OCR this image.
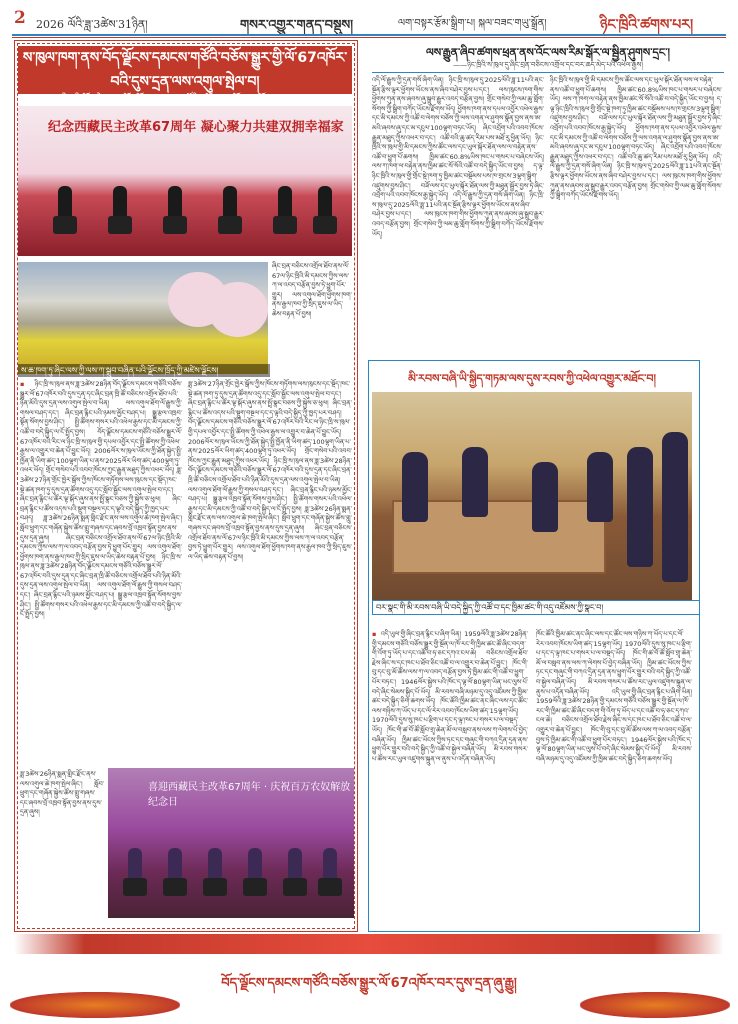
2 2026 ལོའི་ཟླ་3ཚེས་31ཉིན།	གསར་འགྱུར་གནད་བསྡུས།	ལག་བསྟར་རྩོམ་སྒྲིག་པ། སྐལ་བཟང་གཡུ་སྒྲོན།	ཉིང་ཁྲིའི་ཚགས་པར།
ས་ཁུལ་ཁག་ནས་བོད་ལྗོངས་དམངས་གཙོའི་བཅོས་སྒྱུར་གྱི་ལོ་67འཁོར་བའི་དུས་དྲན་ལས་འགུལ་སྤེལ་བ།
——ཉིང་ཁྲི་གྲོང་ཁྱེར་ནས་བོད་ལྗོངས་དམངས་གཙོའི་བཅོས་སྒྱུར་ལོ་67འཁོར་བར་དུས་དྲན་ཞུས།
纪念西藏民主改革67周年 凝心聚力共建双拥幸福家
ས་ཆ་ཁག་ཏུ་ཞིང་ལས་ཀྱི་ལས་ཀ་སྒྲུབ་བཞིན་པའི་ལྗོངས་ཁྲོད་ཀྱི་མཛེས་ལྗོངས།
ཞིང་བྲན་བཅིངས་འགྲོལ་ཐོབ་ནས་ལོ་67ལ་ཉིང་ཁྲིའི་མི་དམངས་ཀྱིས་ལས་ཀ་ལ་འབད་བརྩོན་བྱས་ཏེ་ཕྱུག་པོར་གྱུར། ལས་འགུལ་ཐོག་ཕྱོགས་ཁག་ནས་རྒྱལ་ཁབ་ཀྱི་སྲིད་ཇུས་ལ་ཡིད་ཆེས་བརྟན་པོ་བྱས།
▪ ཉིང་ཁྲི་ས་ཁུལ་ནས་ཟླ་3ཚེས་28ཉིན་བོད་ལྗོངས་དམངས་གཙོའི་བཅོས་སྒྱུར་ལོ་67འཁོར་བའི་དུས་དྲན་དང་ཞིང་བྲན་ཁྲི་ཚོ་བཅིངས་འགྲོལ་ཐོབ་པའི་ཉིན་མོའི་དུས་དྲན་ལས་འགུལ་སྤེལ་བ་ཡིན། ལས་འགུལ་ཐོག་ལོ་རྒྱུས་ཀྱི་གསལ་བཤད་དང་། ཞིང་བྲན་རྙིང་པའི་ཉམས་མྱོང་བཤད་པ། སྒྱུ་རྩལ་འཁྲབ་སྟོན་སོགས་བྱས་ཤིང་། སྤྱི་ཚོགས་གསར་པའི་འཕེལ་རྒྱས་དང་མི་དམངས་ཀྱི་འཚོ་བ་བདེ་སྐྱིད་ལ་ངོ་སྤྲོད་བྱས། བོད་ལྗོངས་དམངས་གཙོའི་བཅོས་སྒྱུར་ལོ་67འཁོར་བའི་རིང་ལ་ཉིང་ཁྲི་ས་ཁུལ་གྱི་དཔལ་འབྱོར་དང་སྤྱི་ཚོགས་ཀྱི་འཕེལ་རྒྱས་ལ་འགྱུར་བ་ཆེན་པོ་བྱུང་ཡོད། 2006ལོར་ས་ཁུལ་ཡོངས་ཀྱི་ཐོན་སྐྱེད་སྤྱི་ཁྱོན་ནི་ཡིག་ཚད་100ལྷག་ཡིན་པ་ནས་2025ལོར་ཡིག་ཚད་400ལྷག་ཏུ་འཕར་ཡོད། གྲོང་གསེབ་པའི་འབབ་ཁོངས་ཀྱང་རྒྱུན་མཐུད་ཀྱིས་འཕར་ཡོད། ཟླ་3ཚེས་27ཉིན་གྲོང་ཁྱེར་སྒོས་ཀྱིས་ཁོངས་གཏོགས་ལས་ཁུངས་དང་སྡོད་ཁང་སྡེ་ཚན་ཁག་ཏུ་དུས་དྲན་ཚོགས་འདུ་དང་སློབ་སྦྱོང་ལས་འགུལ་སྤེལ་བ་དང་། ཞིང་བྲན་རྙིང་པ་ཚོར་ལྟ་སྐོར་ཞུས་ནས་སྤྲོ་སྣང་བཅས་ཀྱི་སྐྱེས་ཅ་ཕུལ། ཞིང་བྲན་རྙིང་པ་ཚོས་འདས་པའི་སྡུག་བསྔལ་དང་ད་ལྟའི་བདེ་སྐྱིད་ཀྱི་ཁྱད་པར་བཤད། ཟླ་3ཚེས་26ཉིན་སྨན་གླིང་རྫོང་ནས་ལས་འགུལ་ཆེ་ཁག་སྤེལ་ཞིང་། སློབ་ཕྲུག་དང་གཞོན་སྐྱེས་ཚོས་གླུ་གཞས་དང་ཞབས་བྲོ་འཁྲབ་སྟོན་བྱས་ནས་དུས་དྲན་ཞུས།	ཞིང་བྲན་བཅིངས་འགྲོལ་ཐོབ་ནས་ལོ་67ལ་ཉིང་ཁྲིའི་མི་དམངས་ཀྱིས་ལས་ཀ་ལ་འབད་བརྩོན་བྱས་ཏེ་ཕྱུག་པོར་གྱུར། ལས་འགུལ་ཐོག་ཕྱོགས་ཁག་ནས་རྒྱལ་ཁབ་ཀྱི་སྲིད་ཇུས་ལ་ཡིད་ཆེས་བརྟན་པོ་བྱས། ཉིང་ཁྲི་ས་ཁུལ་ནས་ཟླ་3ཚེས་28ཉིན་བོད་ལྗོངས་དམངས་གཙོའི་བཅོས་སྒྱུར་ལོ་67འཁོར་བའི་དུས་དྲན་དང་ཞིང་བྲན་ཁྲི་ཚོ་བཅིངས་འགྲོལ་ཐོབ་པའི་ཉིན་མོའི་དུས་དྲན་ལས་འགུལ་སྤེལ་བ་ཡིན། ལས་འགུལ་ཐོག་ལོ་རྒྱུས་ཀྱི་གསལ་བཤད་དང་། ཞིང་བྲན་རྙིང་པའི་ཉམས་མྱོང་བཤད་པ། སྒྱུ་རྩལ་འཁྲབ་སྟོན་སོགས་བྱས་ཤིང་། སྤྱི་ཚོགས་གསར་པའི་འཕེལ་རྒྱས་དང་མི་དམངས་ཀྱི་འཚོ་བ་བདེ་སྐྱིད་ལ་ངོ་སྤྲོད་བྱས།
ཟླ་3ཚེས་27ཉིན་གྲོང་ཁྱེར་སྒོས་ཀྱིས་ཁོངས་གཏོགས་ལས་ཁུངས་དང་སྡོད་ཁང་སྡེ་ཚན་ཁག་ཏུ་དུས་དྲན་ཚོགས་འདུ་དང་སློབ་སྦྱོང་ལས་འགུལ་སྤེལ་བ་དང་། ཞིང་བྲན་རྙིང་པ་ཚོར་ལྟ་སྐོར་ཞུས་ནས་སྤྲོ་སྣང་བཅས་ཀྱི་སྐྱེས་ཅ་ཕུལ། ཞིང་བྲན་རྙིང་པ་ཚོས་འདས་པའི་སྡུག་བསྔལ་དང་ད་ལྟའི་བདེ་སྐྱིད་ཀྱི་ཁྱད་པར་བཤད། བོད་ལྗོངས་དམངས་གཙོའི་བཅོས་སྒྱུར་ལོ་67འཁོར་བའི་རིང་ལ་ཉིང་ཁྲི་ས་ཁུལ་གྱི་དཔལ་འབྱོར་དང་སྤྱི་ཚོགས་ཀྱི་འཕེལ་རྒྱས་ལ་འགྱུར་བ་ཆེན་པོ་བྱུང་ཡོད། 2006ལོར་ས་ཁུལ་ཡོངས་ཀྱི་ཐོན་སྐྱེད་སྤྱི་ཁྱོན་ནི་ཡིག་ཚད་100ལྷག་ཡིན་པ་ནས་2025ལོར་ཡིག་ཚད་400ལྷག་ཏུ་འཕར་ཡོད། གྲོང་གསེབ་པའི་འབབ་ཁོངས་ཀྱང་རྒྱུན་མཐུད་ཀྱིས་འཕར་ཡོད། ཉིང་ཁྲི་ས་ཁུལ་ནས་ཟླ་3ཚེས་28ཉིན་བོད་ལྗོངས་དམངས་གཙོའི་བཅོས་སྒྱུར་ལོ་67འཁོར་བའི་དུས་དྲན་དང་ཞིང་བྲན་ཁྲི་ཚོ་བཅིངས་འགྲོལ་ཐོབ་པའི་ཉིན་མོའི་དུས་དྲན་ལས་འགུལ་སྤེལ་བ་ཡིན། ལས་འགུལ་ཐོག་ལོ་རྒྱུས་ཀྱི་གསལ་བཤད་དང་། ཞིང་བྲན་རྙིང་པའི་ཉམས་མྱོང་བཤད་པ། སྒྱུ་རྩལ་འཁྲབ་སྟོན་སོགས་བྱས་ཤིང་། སྤྱི་ཚོགས་གསར་པའི་འཕེལ་རྒྱས་དང་མི་དམངས་ཀྱི་འཚོ་བ་བདེ་སྐྱིད་ལ་ངོ་སྤྲོད་བྱས། ཟླ་3ཚེས་26ཉིན་སྨན་གླིང་རྫོང་ནས་ལས་འགུལ་ཆེ་ཁག་སྤེལ་ཞིང་། སློབ་ཕྲུག་དང་གཞོན་སྐྱེས་ཚོས་གླུ་གཞས་དང་ཞབས་བྲོ་འཁྲབ་སྟོན་བྱས་ནས་དུས་དྲན་ཞུས། ཞིང་བྲན་བཅིངས་འགྲོལ་ཐོབ་ནས་ལོ་67ལ་ཉིང་ཁྲིའི་མི་དམངས་ཀྱིས་ལས་ཀ་ལ་འབད་བརྩོན་བྱས་ཏེ་ཕྱུག་པོར་གྱུར། ལས་འགུལ་ཐོག་ཕྱོགས་ཁག་ནས་རྒྱལ་ཁབ་ཀྱི་སྲིད་ཇུས་ལ་ཡིད་ཆེས་བརྟན་པོ་བྱས།
ཟླ་3ཚེས་26ཉིན་སྨན་གླིང་རྫོང་ནས་ལས་འགུལ་ཆེ་ཁག་སྤེལ་ཞིང་། སློབ་ཕྲུག་དང་གཞོན་སྐྱེས་ཚོས་གླུ་གཞས་དང་ཞབས་བྲོ་འཁྲབ་སྟོན་བྱས་ནས་དུས་དྲན་ཞུས།
喜迎西藏民主改革67周年 · 庆祝百万农奴解放纪念日
ལས་རྒྱུན་ཞིབ་ཚགས་ཕྲན་ནས་འོང་ལས་རིམ་སྒོར་ལ་སྦྱིན་ཤུགས་དྲང་།
——ཉིང་ཁྲིའི་ས་ཁུལ་དུ་ཞིང་བྲན་བཅིངས་འགྲོལ་དང་བར་ཆད་མེད་པའི་འཕེལ་རྒྱས།
འདི་ལོ་རྒྱུས་ཀྱི་དྲན་གསོ་ཞིག་ཡིན། ཉིང་ཁྲི་ས་ཁུལ་དུ་2025ལོའི་ཟླ་11པའི་ནང་སྔོན་རྩིས་ལྟར་ཕྱོགས་ཡོངས་ནས་ཞིབ་བཤེར་བྱས་པ་དང་། ལས་ཁུངས་ཁག་གིས་ཕྱོགས་ཀུན་ནས་ཞབས་ཞུ་སྒྲུབ་རྒྱུར་འབད་བརྩོན་བྱས། གྲོང་གསེབ་ཀྱི་ལམ་ཆུ་གློག་སོགས་ཀྱི་སྒྲིག་བཀོད་ཡོངས་རྫོགས་ཡོད། ཕྱོགས་ཁག་ནས་དཔལ་འབྱོར་འཕེལ་རྒྱས་དང་མི་དམངས་ཀྱི་འཚོ་བ་ལེགས་བཅོས་ཀྱི་ལས་འགན་ལ་ཤུགས་སྣོན་བྱས་ནས་ཨ་མའི་ཞབས་ཞུ་དང་མ་དངུལ་100ལྷག་བཏང་ཡོད། ཞིང་འབྲོག་པའི་འབབ་ཁོངས་རྒྱུན་མཐུད་ཀྱིས་འཕར་བ་དང་། འཚོ་བའི་ཆུ་ཚད་རིམ་པས་མཐོ་རུ་ཕྱིན་ཡོད། ཉིང་ཁྲིའི་ས་ཁུལ་གྱི་མི་དམངས་ཀྱིས་ཚོང་ལས་དང་ཡུལ་སྐོར་ཐོན་ལས་ལ་བརྟེན་ནས་འཚོ་བ་ཕྱུག་པོ་ཆགས། ཁྱིམ་ཚང་60.8%ཡིས་ཁང་པ་གསར་པ་བཞེངས་ཡོད། ལས་ཀ་ཁག་ལ་བརྟེན་ནས་ཁྱིམ་ཚང་སོ་སོའི་འཚོ་བ་བདེ་སྐྱིད་ཡོང་བ་བྱས། ད་ལྟ་ཉིང་ཁྲིའི་ས་ཁུལ་གྱི་གྲོང་སྡེ་ཁག་ཏུ་ཁྱིམ་ཚང་བསྡོམས་པས་ཁ་གྲངས་3ལྷག་སྒྲིག་འཛུགས་བྱས་ཤིང་། བཟོ་ལས་དང་ཡུལ་སྐོར་ཐོན་ལས་ཀྱི་མཐུན་སྦྱོར་བྱས་ཏེ་ཞིང་འབྲོག་པའི་འབབ་ཁོངས་རྒྱ་སྐྱེད་ཡོད། འདི་ལོ་རྒྱུས་ཀྱི་དྲན་གསོ་ཞིག་ཡིན། ཉིང་ཁྲི་ས་ཁུལ་དུ་2025ལོའི་ཟླ་11པའི་ནང་སྔོན་རྩིས་ལྟར་ཕྱོགས་ཡོངས་ནས་ཞིབ་བཤེར་བྱས་པ་དང་། ལས་ཁུངས་ཁག་གིས་ཕྱོགས་ཀུན་ནས་ཞབས་ཞུ་སྒྲུབ་རྒྱུར་འབད་བརྩོན་བྱས། གྲོང་གསེབ་ཀྱི་ལམ་ཆུ་གློག་སོགས་ཀྱི་སྒྲིག་བཀོད་ཡོངས་རྫོགས་ཡོད།
ཉིང་ཁྲིའི་ས་ཁུལ་གྱི་མི་དམངས་ཀྱིས་ཚོང་ལས་དང་ཡུལ་སྐོར་ཐོན་ལས་ལ་བརྟེན་ནས་འཚོ་བ་ཕྱུག་པོ་ཆགས། ཁྱིམ་ཚང་60.8%ཡིས་ཁང་པ་གསར་པ་བཞེངས་ཡོད། ལས་ཀ་ཁག་ལ་བརྟེན་ནས་ཁྱིམ་ཚང་སོ་སོའི་འཚོ་བ་བདེ་སྐྱིད་ཡོང་བ་བྱས། ད་ལྟ་ཉིང་ཁྲིའི་ས་ཁུལ་གྱི་གྲོང་སྡེ་ཁག་ཏུ་ཁྱིམ་ཚང་བསྡོམས་པས་ཁ་གྲངས་3ལྷག་སྒྲིག་འཛུགས་བྱས་ཤིང་། བཟོ་ལས་དང་ཡུལ་སྐོར་ཐོན་ལས་ཀྱི་མཐུན་སྦྱོར་བྱས་ཏེ་ཞིང་འབྲོག་པའི་འབབ་ཁོངས་རྒྱ་སྐྱེད་ཡོད། ཕྱོགས་ཁག་ནས་དཔལ་འབྱོར་འཕེལ་རྒྱས་དང་མི་དམངས་ཀྱི་འཚོ་བ་ལེགས་བཅོས་ཀྱི་ལས་འགན་ལ་ཤུགས་སྣོན་བྱས་ནས་ཨ་མའི་ཞབས་ཞུ་དང་མ་དངུལ་100ལྷག་བཏང་ཡོད། ཞིང་འབྲོག་པའི་འབབ་ཁོངས་རྒྱུན་མཐུད་ཀྱིས་འཕར་བ་དང་། འཚོ་བའི་ཆུ་ཚད་རིམ་པས་མཐོ་རུ་ཕྱིན་ཡོད། འདི་ལོ་རྒྱུས་ཀྱི་དྲན་གསོ་ཞིག་ཡིན། ཉིང་ཁྲི་ས་ཁུལ་དུ་2025ལོའི་ཟླ་11པའི་ནང་སྔོན་རྩིས་ལྟར་ཕྱོགས་ཡོངས་ནས་ཞིབ་བཤེར་བྱས་པ་དང་། ལས་ཁུངས་ཁག་གིས་ཕྱོགས་ཀུན་ནས་ཞབས་ཞུ་སྒྲུབ་རྒྱུར་འབད་བརྩོན་བྱས། གྲོང་གསེབ་ཀྱི་ལམ་ཆུ་གློག་སོགས་ཀྱི་སྒྲིག་བཀོད་ཡོངས་རྫོགས་ཡོད།
མི་རབས་བཞི་ཡི་སྐྱིད་གཏམ་ལས་དུས་རབས་ཀྱི་འཕེལ་འགྱུར་མཐོང་བ།
བར་སྣང་གི་མི་རབས་བཞི་ཡི་བདེ་སྐྱིད་ཀྱི་འཚོ་བ་དང་ཁྱིམ་ཚང་གི་འདུ་འཛོམས་ཀྱི་སྣང་བ།
▪ འདི་ཡུལ་གྱི་ཞིང་བྲན་རྙིང་པ་ཞིག་ཡིན། 1959ལོའི་ཟླ་3ཚེས་28ཉིན་གྱི་དམངས་གཙོའི་བཅོས་སྒྱུར་གྱི་སྔོན་ལ་ཁོ་རང་གི་ཁྱིམ་ཚང་ཚོ་ཞིང་བདག་གི་འོག་ཏུ་ཡོད་པ་དང་འཚོ་བ་ཧ་ཅང་དཀའ་ངལ་ཆེ། བཅིངས་འགྲོལ་ཐོབ་རྗེས་ཞིང་ས་དང་ཁང་པ་ཐོབ་ཅིང་འཚོ་བ་ལ་འགྱུར་བ་ཆེན་པོ་བྱུང་། ཁོང་གི་བུ་དང་བུ་མོ་ཚོས་ལས་ཀ་ལ་འབད་བརྩོན་བྱས་ཏེ་ཁྱིམ་ཚང་གི་འཚོ་བ་ཕྱུག་པོར་བཏང་། 1946ལོར་སྐྱེས་པའི་ཁོང་ད་ལྟ་ལོ་80ལྷག་ཡིན་ཡང་ལུས་པོ་བདེ་ཞིང་སེམས་སྐྱིད་པོ་ཡོད། མི་རབས་བཞི་མཉམ་དུ་འདུ་འཛོམས་ཀྱི་ཁྱིམ་ཚང་བདེ་སྐྱིད་ཅིག་ཆགས་ཡོད། ཁོང་ཚོའི་ཁྱིམ་ཚང་ནང་ཞིང་ལས་དང་ཚོང་ལས་གཉིས་ཀ་ཡོད་པ་དང་ལོ་རེར་འབབ་ཁོངས་ཡིག་ཚད་15ལྷག་ཡོད། 1970ལོའི་དུས་སུ་ཁང་པ་རྩིག་པ་དང་ད་ལྟ་ཁང་པ་གསར་པ་ལ་བསྡད་ཡོད། ཁོང་གི་ཚ་བོ་ཚོ་སློབ་གྲྭ་ཆེན་མོ་ལ་བསླབ་ནས་ལས་ཀ་ལེགས་པོ་བྱེད་བཞིན་ཡོད། ཁྱིམ་ཚང་ཡོངས་ཀྱིས་ཏང་དང་གཞུང་གི་བཀའ་དྲིན་དྲན་ནས་ཕྱུག་པོར་གྱུར་བའི་བདེ་སྐྱིད་ཀྱི་འཚོ་བ་སྐྱེལ་བཞིན་ཡོད། མི་རབས་གསར་པ་ཚོས་རང་ཡུལ་འཛུགས་སྐྲུན་ལ་ནུས་པ་འདོན་བཞིན་ཡོད།
ཁོང་ཚོའི་ཁྱིམ་ཚང་ནང་ཞིང་ལས་དང་ཚོང་ལས་གཉིས་ཀ་ཡོད་པ་དང་ལོ་རེར་འབབ་ཁོངས་ཡིག་ཚད་15ལྷག་ཡོད། 1970ལོའི་དུས་སུ་ཁང་པ་རྩིག་པ་དང་ད་ལྟ་ཁང་པ་གསར་པ་ལ་བསྡད་ཡོད། ཁོང་གི་ཚ་བོ་ཚོ་སློབ་གྲྭ་ཆེན་མོ་ལ་བསླབ་ནས་ལས་ཀ་ལེགས་པོ་བྱེད་བཞིན་ཡོད། ཁྱིམ་ཚང་ཡོངས་ཀྱིས་ཏང་དང་གཞུང་གི་བཀའ་དྲིན་དྲན་ནས་ཕྱུག་པོར་གྱུར་བའི་བདེ་སྐྱིད་ཀྱི་འཚོ་བ་སྐྱེལ་བཞིན་ཡོད། མི་རབས་གསར་པ་ཚོས་རང་ཡུལ་འཛུགས་སྐྲུན་ལ་ནུས་པ་འདོན་བཞིན་ཡོད།	འདི་ཡུལ་གྱི་ཞིང་བྲན་རྙིང་པ་ཞིག་ཡིན། 1959ལོའི་ཟླ་3ཚེས་28ཉིན་གྱི་དམངས་གཙོའི་བཅོས་སྒྱུར་གྱི་སྔོན་ལ་ཁོ་རང་གི་ཁྱིམ་ཚང་ཚོ་ཞིང་བདག་གི་འོག་ཏུ་ཡོད་པ་དང་འཚོ་བ་ཧ་ཅང་དཀའ་ངལ་ཆེ། བཅིངས་འགྲོལ་ཐོབ་རྗེས་ཞིང་ས་དང་ཁང་པ་ཐོབ་ཅིང་འཚོ་བ་ལ་འགྱུར་བ་ཆེན་པོ་བྱུང་། ཁོང་གི་བུ་དང་བུ་མོ་ཚོས་ལས་ཀ་ལ་འབད་བརྩོན་བྱས་ཏེ་ཁྱིམ་ཚང་གི་འཚོ་བ་ཕྱུག་པོར་བཏང་། 1946ལོར་སྐྱེས་པའི་ཁོང་ད་ལྟ་ལོ་80ལྷག་ཡིན་ཡང་ལུས་པོ་བདེ་ཞིང་སེམས་སྐྱིད་པོ་ཡོད། མི་རབས་བཞི་མཉམ་དུ་འདུ་འཛོམས་ཀྱི་ཁྱིམ་ཚང་བདེ་སྐྱིད་ཅིག་ཆགས་ཡོད།
བོད་ལྗོངས་དམངས་གཙོའི་བཅོས་སྒྱུར་ལོ་67འཁོར་བར་དུས་དྲན་ཞུ་རྒྱུ།
